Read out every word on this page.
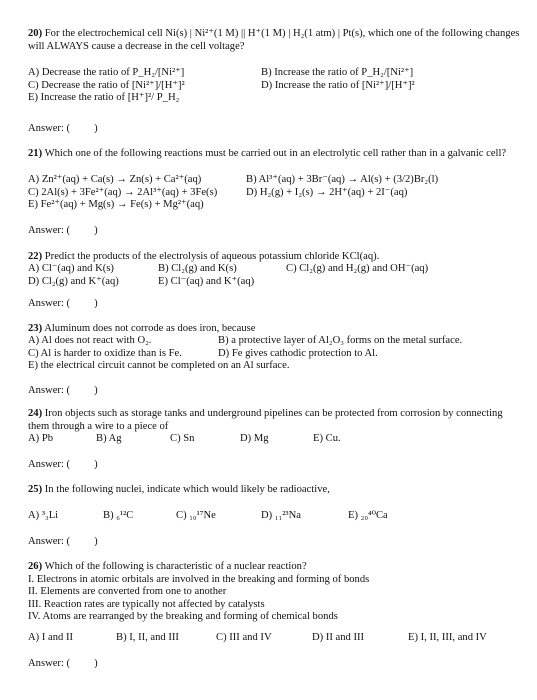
20) For the electrochemical cell Ni(s) | Ni²⁺(1 M) || H⁺(1 M) | H₂(1 atm) | Pt(s), which one of the following changes will ALWAYS cause a decrease in the cell voltage?

A) Decrease the ratio of P_H₂/[Ni²⁺]	B) Increase the ratio of P_H₂/[Ni²⁺]
C) Decrease the ratio of [Ni²⁺]/[H⁺]²	D) Increase the ratio of [Ni²⁺]/[H⁺]²
E) Increase the ratio of [H⁺]²/ P_H₂
Answer: ( )

21) Which one of the following reactions must be carried out in an electrolytic cell rather than in a galvanic cell?

A) Zn²⁺(aq) + Ca(s) → Zn(s) + Ca²⁺(aq)	B) Al³⁺(aq) + 3Br⁻(aq) → Al(s) + (3/2)Br₂(l)
C) 2Al(s) + 3Fe²⁺(aq) → 2Al³⁺(aq) + 3Fe(s)	D) H₂(g) + I₂(s) → 2H⁺(aq) + 2I⁻(aq)
E) Fe²⁺(aq) + Mg(s) → Fe(s) + Mg²⁺(aq)
Answer: ( )

22) Predict the products of the electrolysis of aqueous potassium chloride KCl(aq).

A) Cl⁻(aq) and K(s)	B) Cl₂(g) and K(s)	C) Cl₂(g) and H₂(g) and OH⁻(aq)
D) Cl₂(g) and K⁺(aq)	E) Cl⁻(aq) and K⁺(aq)
Answer: ( )

23) Aluminum does not corrode as does iron, because

A) Al does not react with O₂.	B) a protective layer of Al₂O₃ forms on the metal surface.
C) Al is harder to oxidize than is Fe.	D) Fe gives cathodic protection to Al.
E) the electrical circuit cannot be completed on an Al surface.
Answer: ( )

24) Iron objects such as storage tanks and underground pipelines can be protected from corrosion by connecting them through a wire to a piece of

A) Pb	B) Ag	C) Sn	D) Mg	E) Cu.
Answer: ( )

25) In the following nuclei, indicate which would likely be radioactive,

A) ³₃Li	B) ₆¹²C	C) ₁₀¹⁷Ne	D) ₁₁²³Na	E) ₂₀⁴⁰Ca
Answer: ( )

26) Which of the following is characteristic of a nuclear reaction?

I. Electrons in atomic orbitals are involved in the breaking and forming of bonds
II. Elements are converted from one to another
III. Reaction rates are typically not affected by catalysts
IV. Atoms are rearranged by the breaking and forming of chemical bonds
A) I and II	B) I, II, and III	C) III and IV	D) II and III	E) I, II, III, and IV
Answer: ( )
